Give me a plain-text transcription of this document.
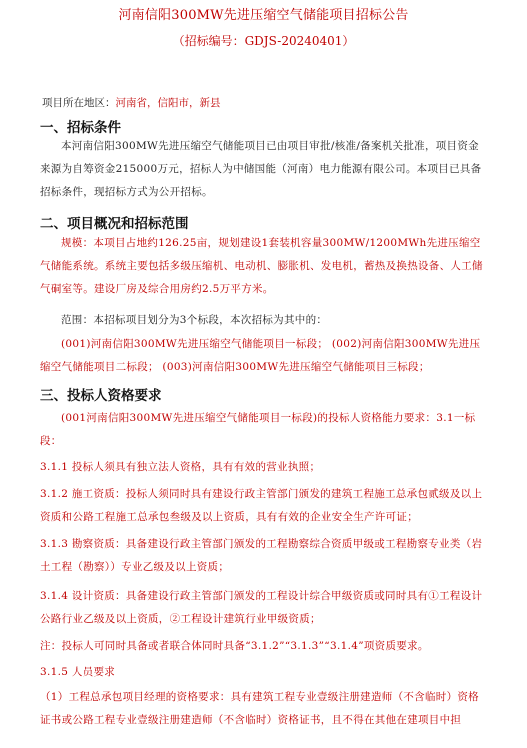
河南信阳300MW先进压缩空气储能项目招标公告
（招标编号：GDJS-20240401）
项目所在地区：河南省，信阳市，新县
一、招标条件
本河南信阳300MW先进压缩空气储能项目已由项目审批/核准/备案机关批准，项目资金来源为自筹资金215000万元，招标人为中储国能（河南）电力能源有限公司。本项目已具备招标条件，现招标方式为公开招标。
二、项目概况和招标范围
规模：本项目占地约126.25亩，规划建设1套装机容量300MW/1200MWh先进压缩空气储能系统。系统主要包括多级压缩机、电动机、膨胀机、发电机，蓄热及换热设备、人工储气硐室等。建设厂房及综合用房约2.5万平方米。
范围：本招标项目划分为3个标段，本次招标为其中的：
(001)河南信阳300MW先进压缩空气储能项目一标段； (002)河南信阳300MW先进压缩空气储能项目二标段； (003)河南信阳300MW先进压缩空气储能项目三标段；
三、投标人资格要求
(001河南信阳300MW先进压缩空气储能项目一标段)的投标人资格能力要求：3.1一标段：
3.1.1 投标人须具有独立法人资格，具有有效的营业执照；
3.1.2 施工资质：投标人须同时具有建设行政主管部门颁发的建筑工程施工总承包贰级及以上资质和公路工程施工总承包叁级及以上资质，具有有效的企业安全生产许可证；
3.1.3 勘察资质：具备建设行政主管部门颁发的工程勘察综合资质甲级或工程勘察专业类（岩土工程（勘察））专业乙级及以上资质；
3.1.4 设计资质：具备建设行政主管部门颁发的工程设计综合甲级资质或同时具有①工程设计公路行业乙级及以上资质，②工程设计建筑行业甲级资质；
注：投标人可同时具备或者联合体同时具备“3.1.2”“3.1.3”“3.1.4”项资质要求。
3.1.5 人员要求
（1）工程总承包项目经理的资格要求：具有建筑工程专业壹级注册建造师（不含临时）资格证书或公路工程专业壹级注册建造师（不含临时）资格证书，且不得在其他在建项目中担
